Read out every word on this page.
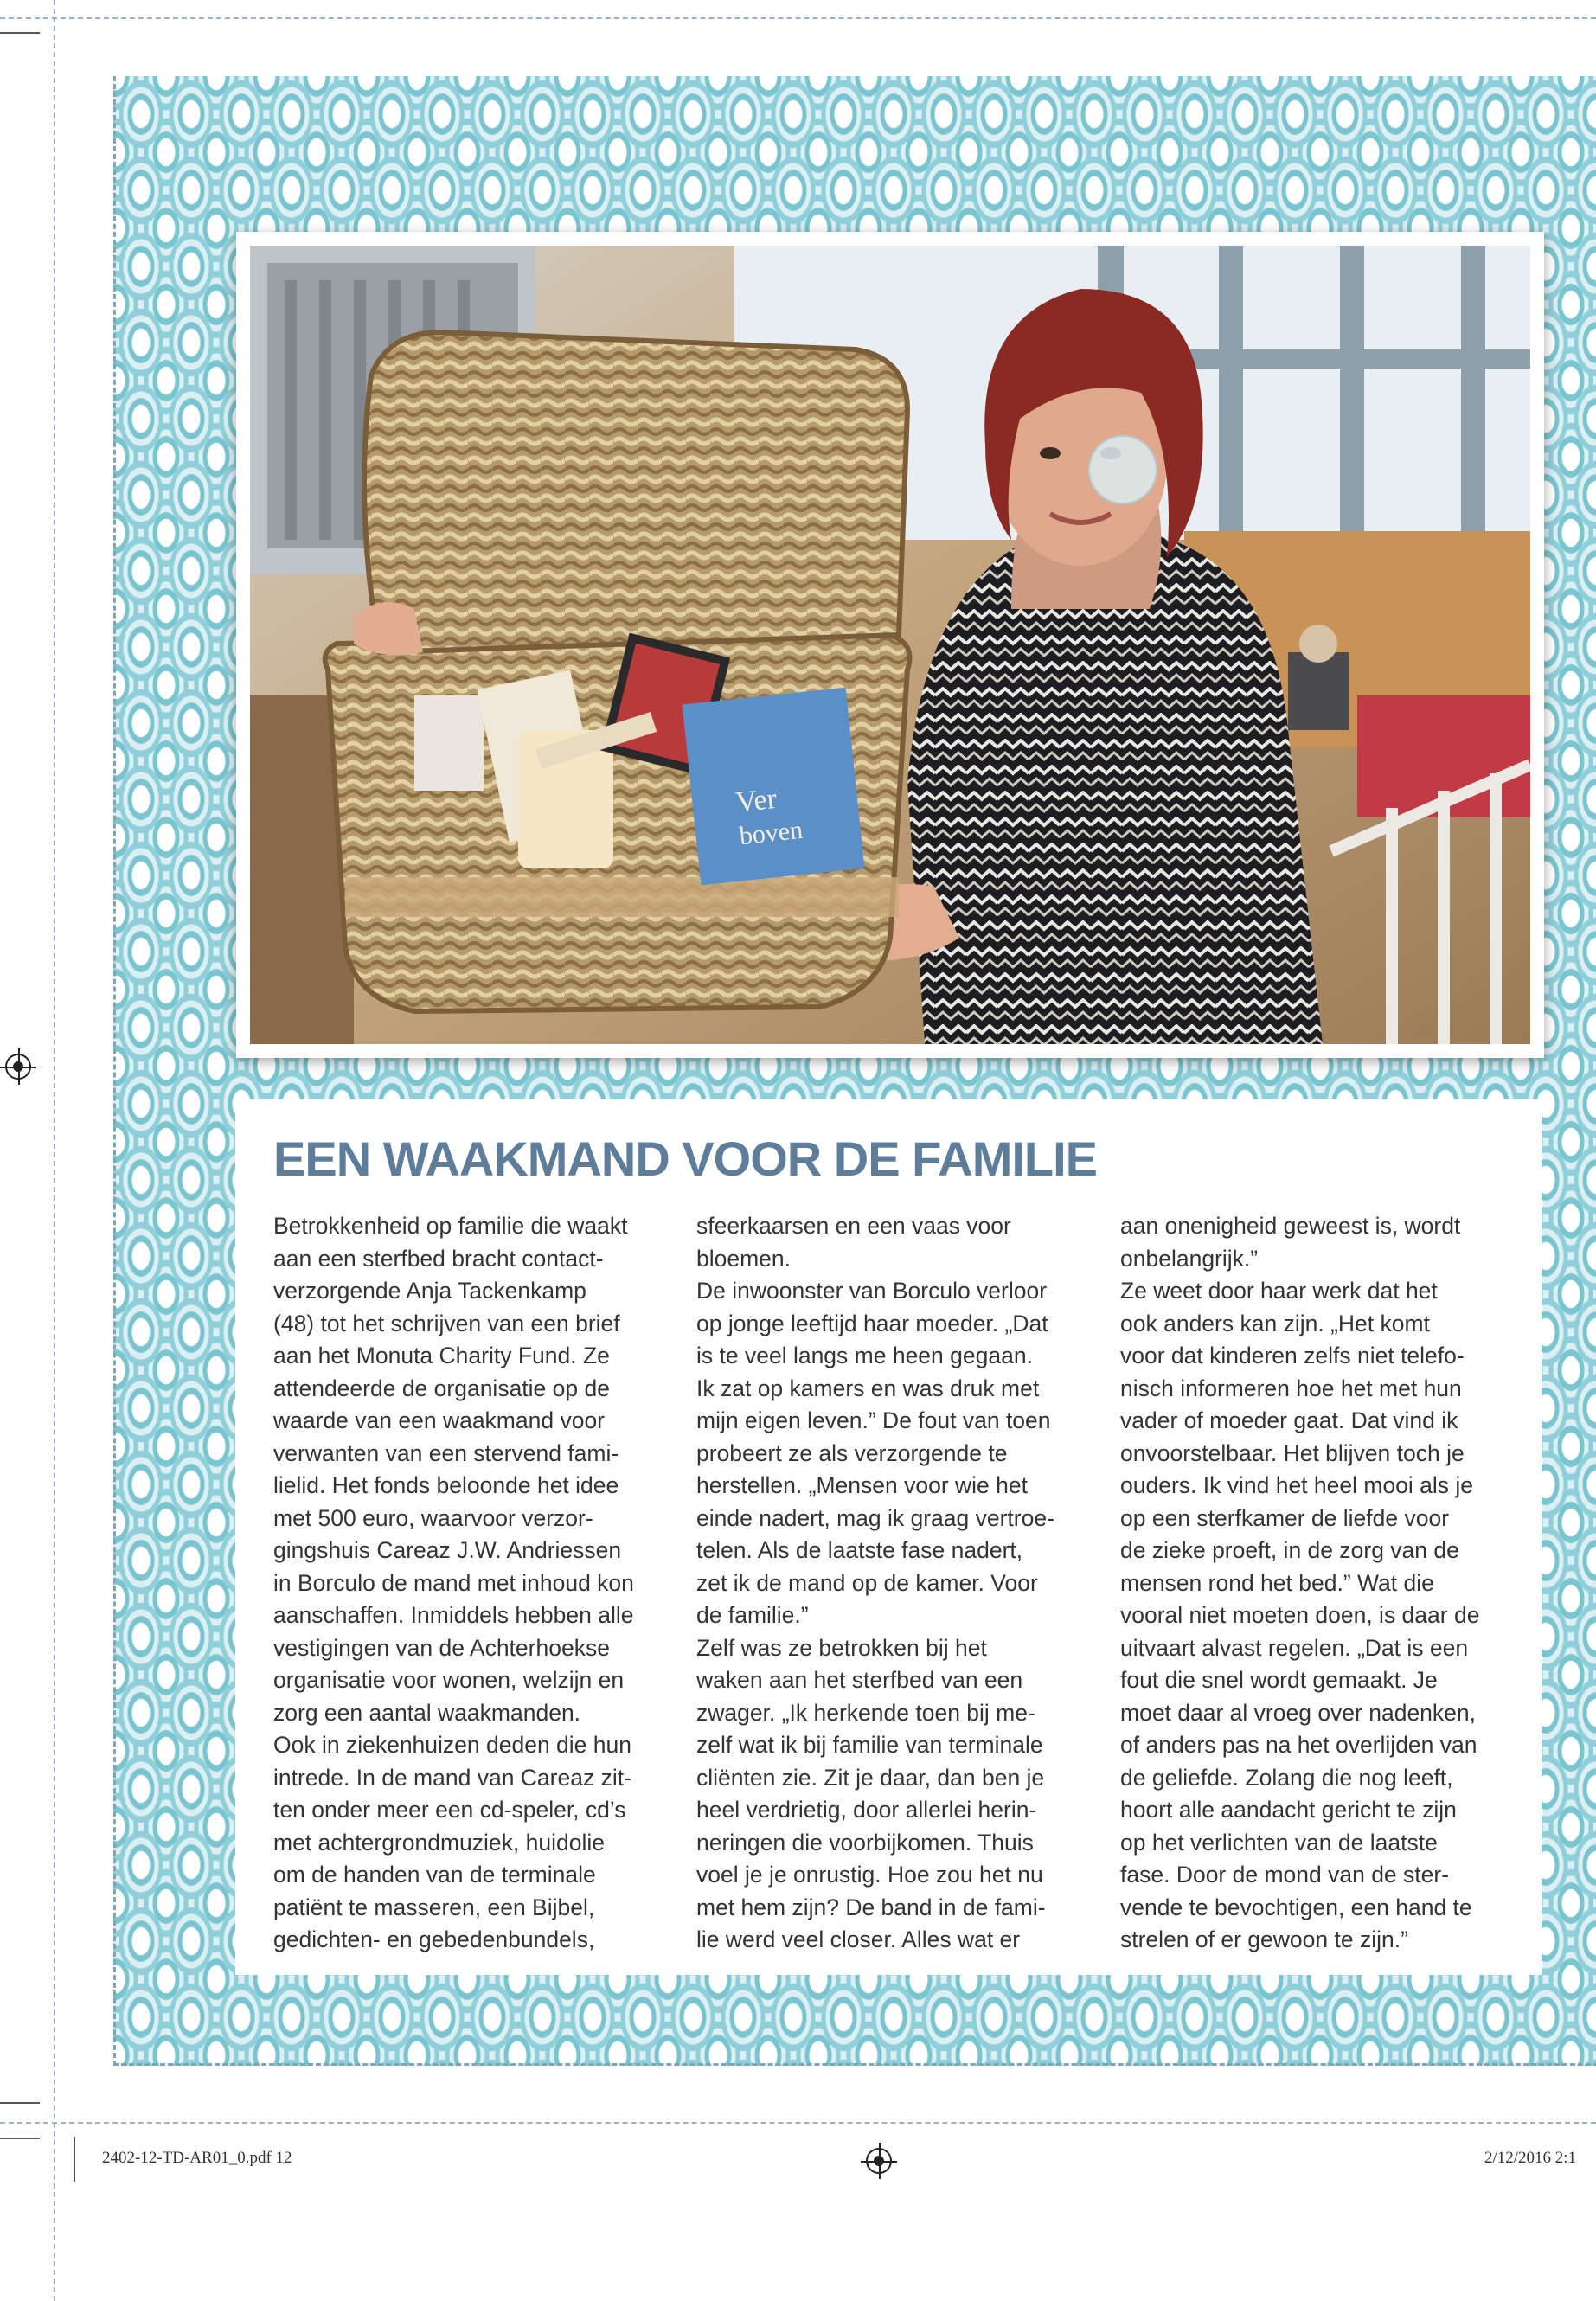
Ver
boven
EEN WAAKMAND VOOR DE FAMILIE

Betrokkenheid op familie die waakt
aan een sterfbed bracht contact-
verzorgende Anja Tackenkamp
(48) tot het schrijven van een brief
aan het Monuta Charity Fund. Ze
attendeerde de organisatie op de
waarde van een waakmand voor
verwanten van een stervend fami-
lielid. Het fonds beloonde het idee
met 500 euro, waarvoor verzor-
gingshuis Careaz J.W. Andriessen
in Borculo de mand met inhoud kon
aanschaffen. Inmiddels hebben alle
vestigingen van de Achterhoekse
organisatie voor wonen, welzijn en
zorg een aantal waakmanden.
Ook in ziekenhuizen deden die hun
intrede. In de mand van Careaz zit-
ten onder meer een cd-speler, cd’s
met achtergrondmuziek, huidolie
om de handen van de terminale
patiënt te masseren, een Bijbel,
gedichten- en gebedenbundels,

sfeerkaarsen en een vaas voor
bloemen.
De inwoonster van Borculo verloor
op jonge leeftijd haar moeder. „Dat
is te veel langs me heen gegaan.
Ik zat op kamers en was druk met
mijn eigen leven.” De fout van toen
probeert ze als verzorgende te
herstellen. „Mensen voor wie het
einde nadert, mag ik graag vertroe-
telen. Als de laatste fase nadert,
zet ik de mand op de kamer. Voor
de familie.”
Zelf was ze betrokken bij het
waken aan het sterfbed van een
zwager. „Ik herkende toen bij me-
zelf wat ik bij familie van terminale
cliënten zie. Zit je daar, dan ben je
heel verdrietig, door allerlei herin-
neringen die voorbijkomen. Thuis
voel je je onrustig. Hoe zou het nu
met hem zijn? De band in de fami-
lie werd veel closer. Alles wat er

aan onenigheid geweest is, wordt
onbelangrijk.”
Ze weet door haar werk dat het
ook anders kan zijn. „Het komt
voor dat kinderen zelfs niet telefo-
nisch informeren hoe het met hun
vader of moeder gaat. Dat vind ik
onvoorstelbaar. Het blijven toch je
ouders. Ik vind het heel mooi als je
op een sterfkamer de liefde voor
de zieke proeft, in de zorg van de
mensen rond het bed.” Wat die
vooral niet moeten doen, is daar de
uitvaart alvast regelen. „Dat is een
fout die snel wordt gemaakt. Je
moet daar al vroeg over nadenken,
of anders pas na het overlijden van
de geliefde. Zolang die nog leeft,
hoort alle aandacht gericht te zijn
op het verlichten van de laatste
fase. Door de mond van de ster-
vende te bevochtigen, een hand te
strelen of er gewoon te zijn.”

2402-12-TD-AR01_0.pdf 12	2/12/2016 2:1
